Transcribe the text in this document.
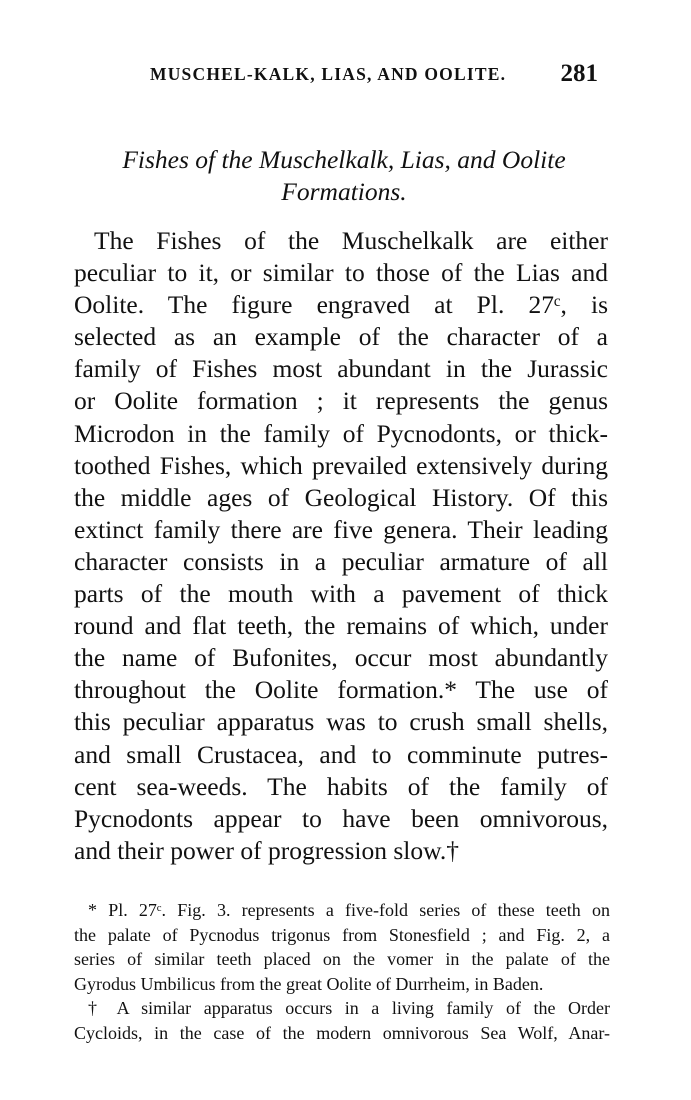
MUSCHEL-KALK, LIAS, AND OOLITE. 281
Fishes of the Muschelkalk, Lias, and Oolite
Formations.
The Fishes of the Muschelkalk are either
peculiar to it, or similar to those of the Lias and
Oolite. The figure engraved at Pl. 27ᶜ, is
selected as an example of the character of a
family of Fishes most abundant in the Jurassic
or Oolite formation ; it represents the genus
Microdon in the family of Pycnodonts, or thick-
toothed Fishes, which prevailed extensively during
the middle ages of Geological History. Of this
extinct family there are five genera. Their leading
character consists in a peculiar armature of all
parts of the mouth with a pavement of thick
round and flat teeth, the remains of which, under
the name of Bufonites, occur most abundantly
throughout the Oolite formation.* The use of
this peculiar apparatus was to crush small shells,
and small Crustacea, and to comminute putres-
cent sea-weeds. The habits of the family of
Pycnodonts appear to have been omnivorous,
and their power of progression slow.†
* Pl. 27ᶜ. Fig. 3. represents a five-fold series of these teeth on
the palate of Pycnodus trigonus from Stonesfield ; and Fig. 2, a
series of similar teeth placed on the vomer in the palate of the
Gyrodus Umbilicus from the great Oolite of Durrheim, in Baden.
† A similar apparatus occurs in a living family of the Order
Cycloids, in the case of the modern omnivorous Sea Wolf, Anar-
